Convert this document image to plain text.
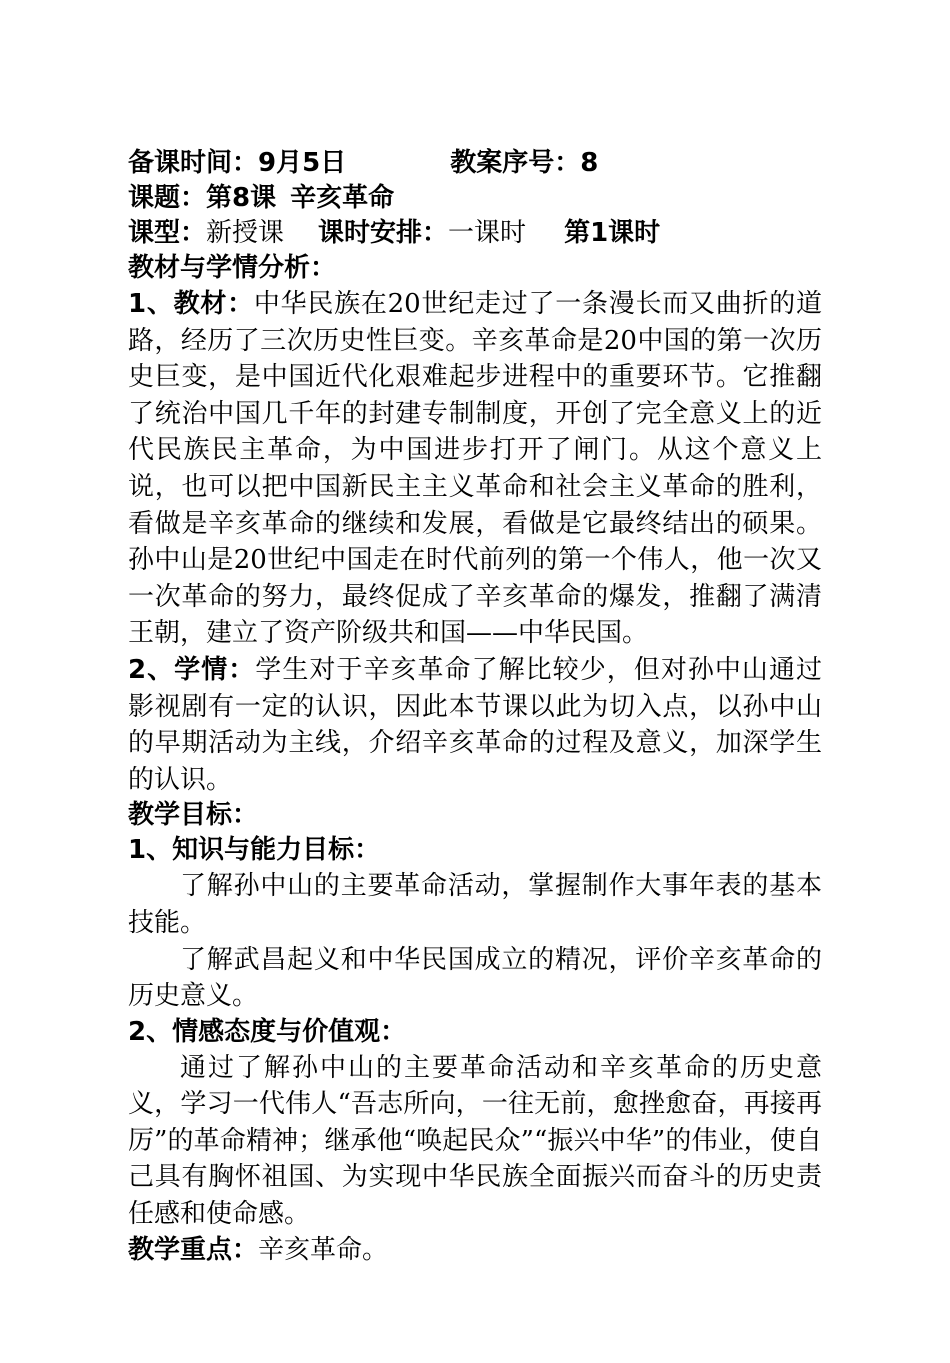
备课时间：9月5日	教案序号：8
课题：第8课 辛亥革命
课型：新授课 课时安排：一课时 第1课时
教材与学情分析：

1、教材：中华民族在20世纪走过了一条漫长而又曲折的道路，经历了三次历史性巨变。辛亥革命是20中国的第一次历史巨变，是中国近代化艰难起步进程中的重要环节。它推翻了统治中国几千年的封建专制制度，开创了完全意义上的近代民族民主革命，为中国进步打开了闸门。从这个意义上说，也可以把中国新民主主义革命和社会主义革命的胜利，看做是辛亥革命的继续和发展，看做是它最终结出的硕果。孙中山是20世纪中国走在时代前列的第一个伟人，他一次又一次革命的努力，最终促成了辛亥革命的爆发，推翻了满清王朝，建立了资产阶级共和国——中华民国。

2、学情：学生对于辛亥革命了解比较少，但对孙中山通过影视剧有一定的认识，因此本节课以此为切入点，以孙中山的早期活动为主线，介绍辛亥革命的过程及意义，加深学生的认识。

教学目标：
1、知识与能力目标：

了解孙中山的主要革命活动，掌握制作大事年表的基本技能。

了解武昌起义和中华民国成立的精况，评价辛亥革命的历史意义。

2、情感态度与价值观：

通过了解孙中山的主要革命活动和辛亥革命的历史意义，学习一代伟人“吾志所向，一往无前，愈挫愈奋，再接再厉”的革命精神；继承他“唤起民众”“振兴中华”的伟业，使自己具有胸怀祖国、为实现中华民族全面振兴而奋斗的历史责任感和使命感。

教学重点：辛亥革命。
